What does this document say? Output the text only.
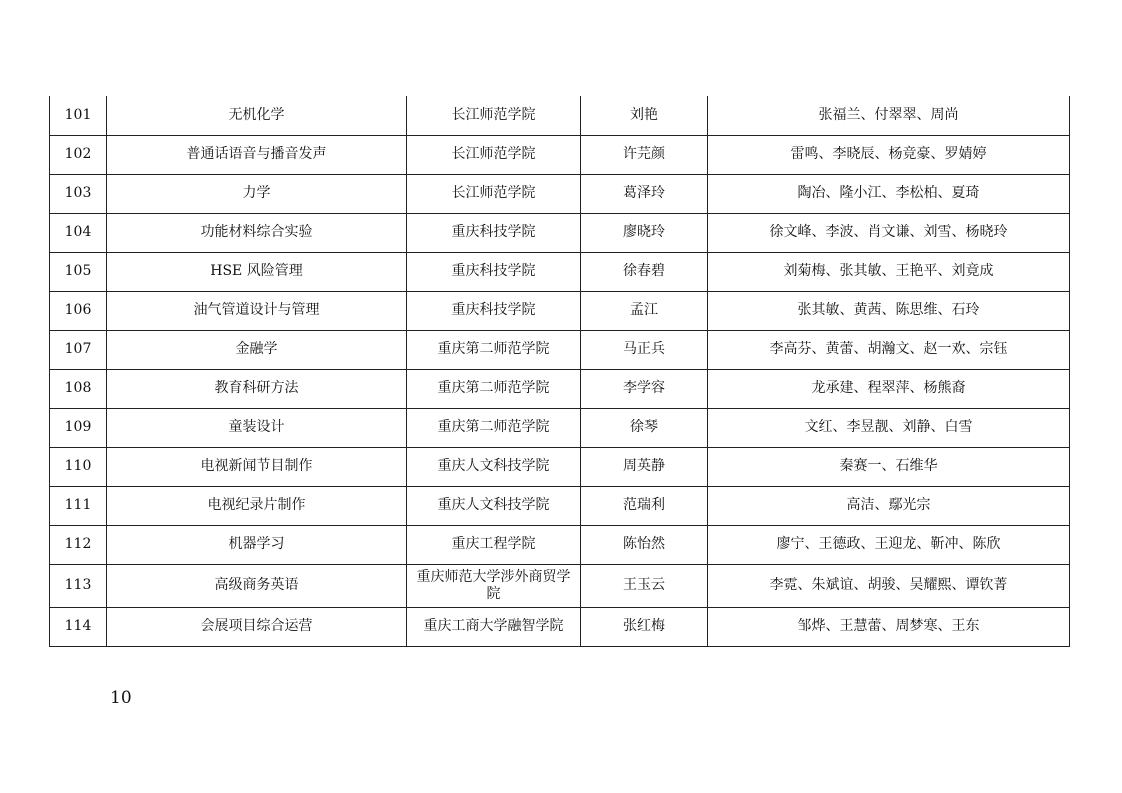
101	无机化学	长江师范学院	刘艳	张福兰、付翠翠、周尚
102	普通话语音与播音发声	长江师范学院	许芫颜	雷鸣、李晓辰、杨竞豪、罗婧婷
103	力学	长江师范学院	葛泽玲	陶冶、隆小江、李松柏、夏琦
104	功能材料综合实验	重庆科技学院	廖晓玲	徐文峰、李波、肖文谦、刘雪、杨晓玲
105	HSE 风险管理	重庆科技学院	徐春碧	刘菊梅、张其敏、王艳平、刘竟成
106	油气管道设计与管理	重庆科技学院	孟江	张其敏、黄茜、陈思维、石玲
107	金融学	重庆第二师范学院	马正兵	李高芬、黄蕾、胡瀚文、赵一欢、宗钰
108	教育科研方法	重庆第二师范学院	李学容	龙承建、程翠萍、杨熊裔
109	童装设计	重庆第二师范学院	徐琴	文红、李昱靓、刘静、白雪
110	电视新闻节目制作	重庆人文科技学院	周英静	秦赛一、石维华
111	电视纪录片制作	重庆人文科技学院	范瑞利	高洁、鄢光宗
112	机器学习	重庆工程学院	陈怡然	廖宁、王德政、王迎龙、靳冲、陈欣
113	高级商务英语	重庆师范大学涉外商贸学院	王玉云	李霓、朱斌谊、胡骏、吴耀熙、谭钦菁
114	会展项目综合运营	重庆工商大学融智学院	张红梅	邹烨、王慧蕾、周梦寒、王东
10
